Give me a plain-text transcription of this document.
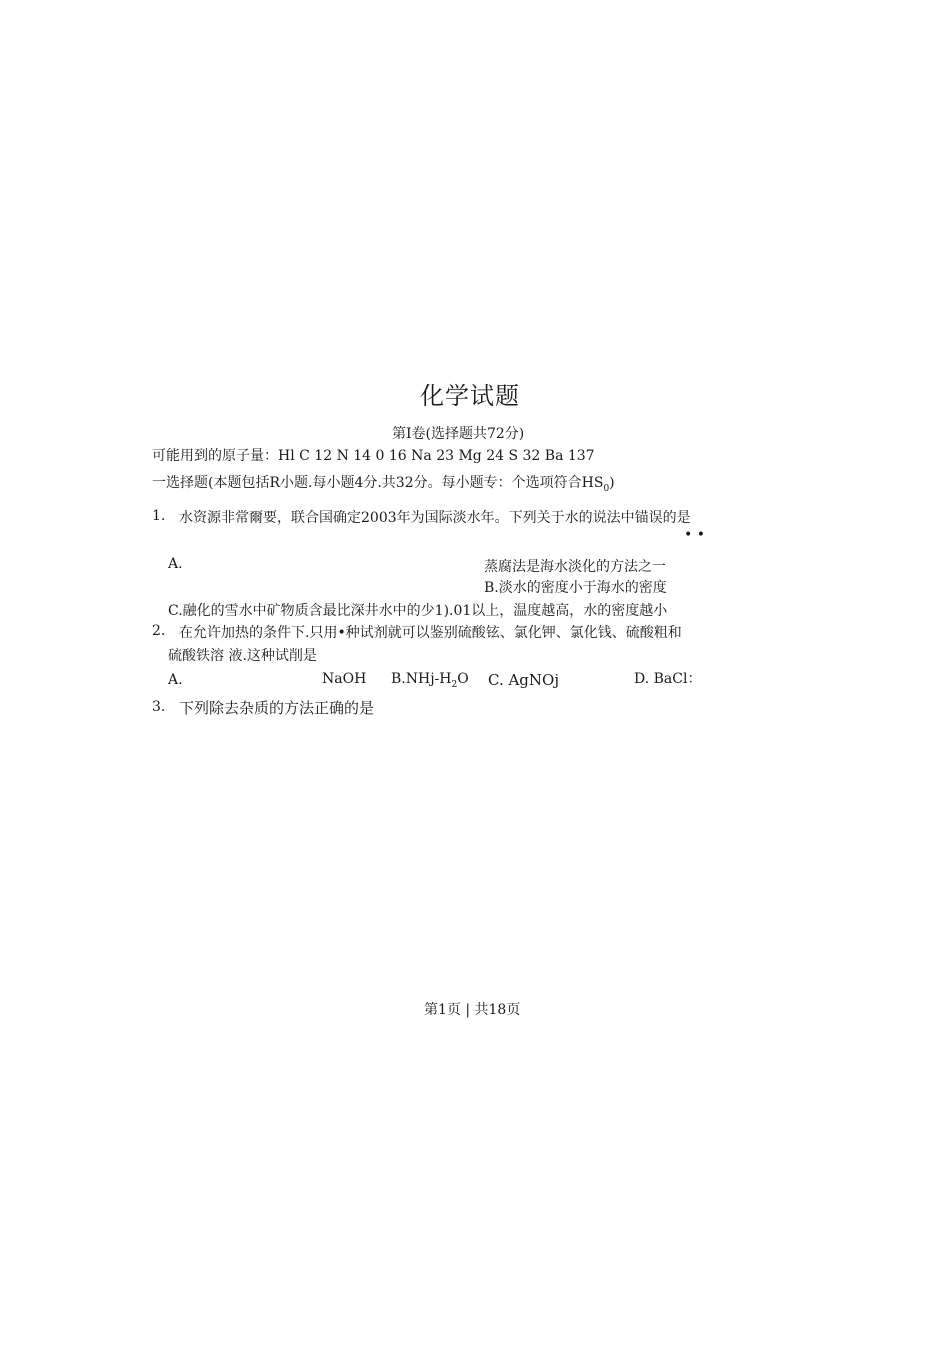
化学试题
第I卷(选择题共72分)
可能用到的原子量：Hl C 12 N 14 0 16 Na 23 Mg 24 S 32 Ba 137
一选择题(本题包括R小题.每小题4分.共32分。每小题专：个选项符合$HS_0$)
1. 水资源非常爾要，联合国确定2003年为国际淡水年。下列关于水的说法中锚误的是
• •
A.	蒸腐法是海水淡化的方法之一
B.淡水的密度小于海水的密度
C.融化的雪水中矿物质含最比深井水中的少1).01以上，温度越高，水的密度越小
2. 在允许加热的条件下.只用•种试剂就可以鉴别硫酸铉、氯化钾、氯化钱、硫酸粗和
硫酸铁溶 液.这种试削是
A.	NaOH $B.NHj-H_2O$ C. AgNOj	D. BaCl：
3. 下列除去杂质的方法正确的是
第1页 | 共18页
